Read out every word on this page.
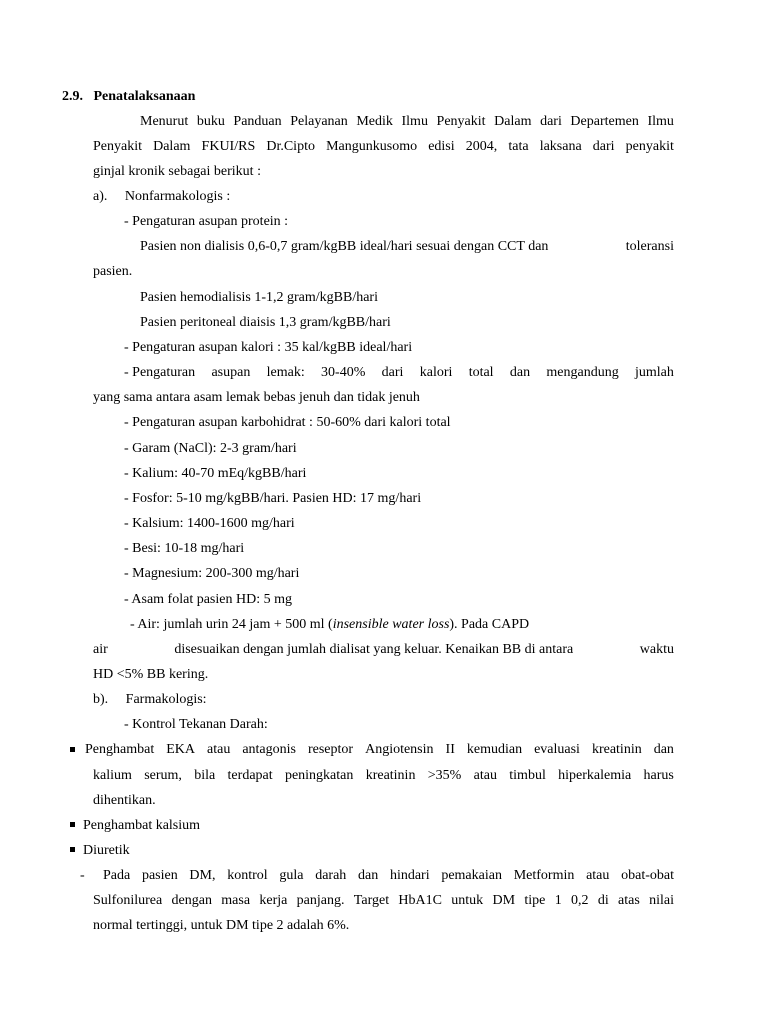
2.9. Penatalaksanaan
Menurut buku Panduan Pelayanan Medik Ilmu Penyakit Dalam dari Departemen Ilmu
Penyakit Dalam FKUI/RS Dr.Cipto Mangunkusomo edisi 2004, tata laksana dari penyakit
ginjal kronik sebagai berikut :
a). Nonfarmakologis :
- Pengaturan asupan protein :
Pasien non dialisis 0,6-0,7 gram/kgBB ideal/hari sesuai dengan CCT dan	toleransi
pasien.
Pasien hemodialisis 1-1,2 gram/kgBB/hari
Pasien peritoneal diaisis 1,3 gram/kgBB/hari
- Pengaturan asupan kalori : 35 kal/kgBB ideal/hari
- Pengaturan asupan lemak: 30-40% dari kalori total dan mengandung jumlah
yang sama antara asam lemak bebas jenuh dan tidak jenuh
- Pengaturan asupan karbohidrat : 50-60% dari kalori total
- Garam (NaCl): 2-3 gram/hari
- Kalium: 40-70 mEq/kgBB/hari
- Fosfor: 5-10 mg/kgBB/hari. Pasien HD: 17 mg/hari
- Kalsium: 1400-1600 mg/hari
- Besi: 10-18 mg/hari
- Magnesium: 200-300 mg/hari
- Asam folat pasien HD: 5 mg
- Air: jumlah urin 24 jam + 500 ml (insensible water loss). Pada CAPD
air	disesuaikan dengan jumlah dialisat yang keluar. Kenaikan BB di antara	waktu
HD <5% BB kering.
b). Farmakologis:
- Kontrol Tekanan Darah:
Penghambat EKA atau antagonis reseptor Angiotensin II kemudian evaluasi kreatinin dan
kalium serum, bila terdapat peningkatan kreatinin >35% atau timbul hiperkalemia harus
dihentikan.
Penghambat kalsium
Diuretik
- Pada pasien DM, kontrol gula darah dan hindari pemakaian Metformin atau obat-obat
Sulfonilurea dengan masa kerja panjang. Target HbA1C untuk DM tipe 1 0,2 di atas nilai
normal tertinggi, untuk DM tipe 2 adalah 6%.
